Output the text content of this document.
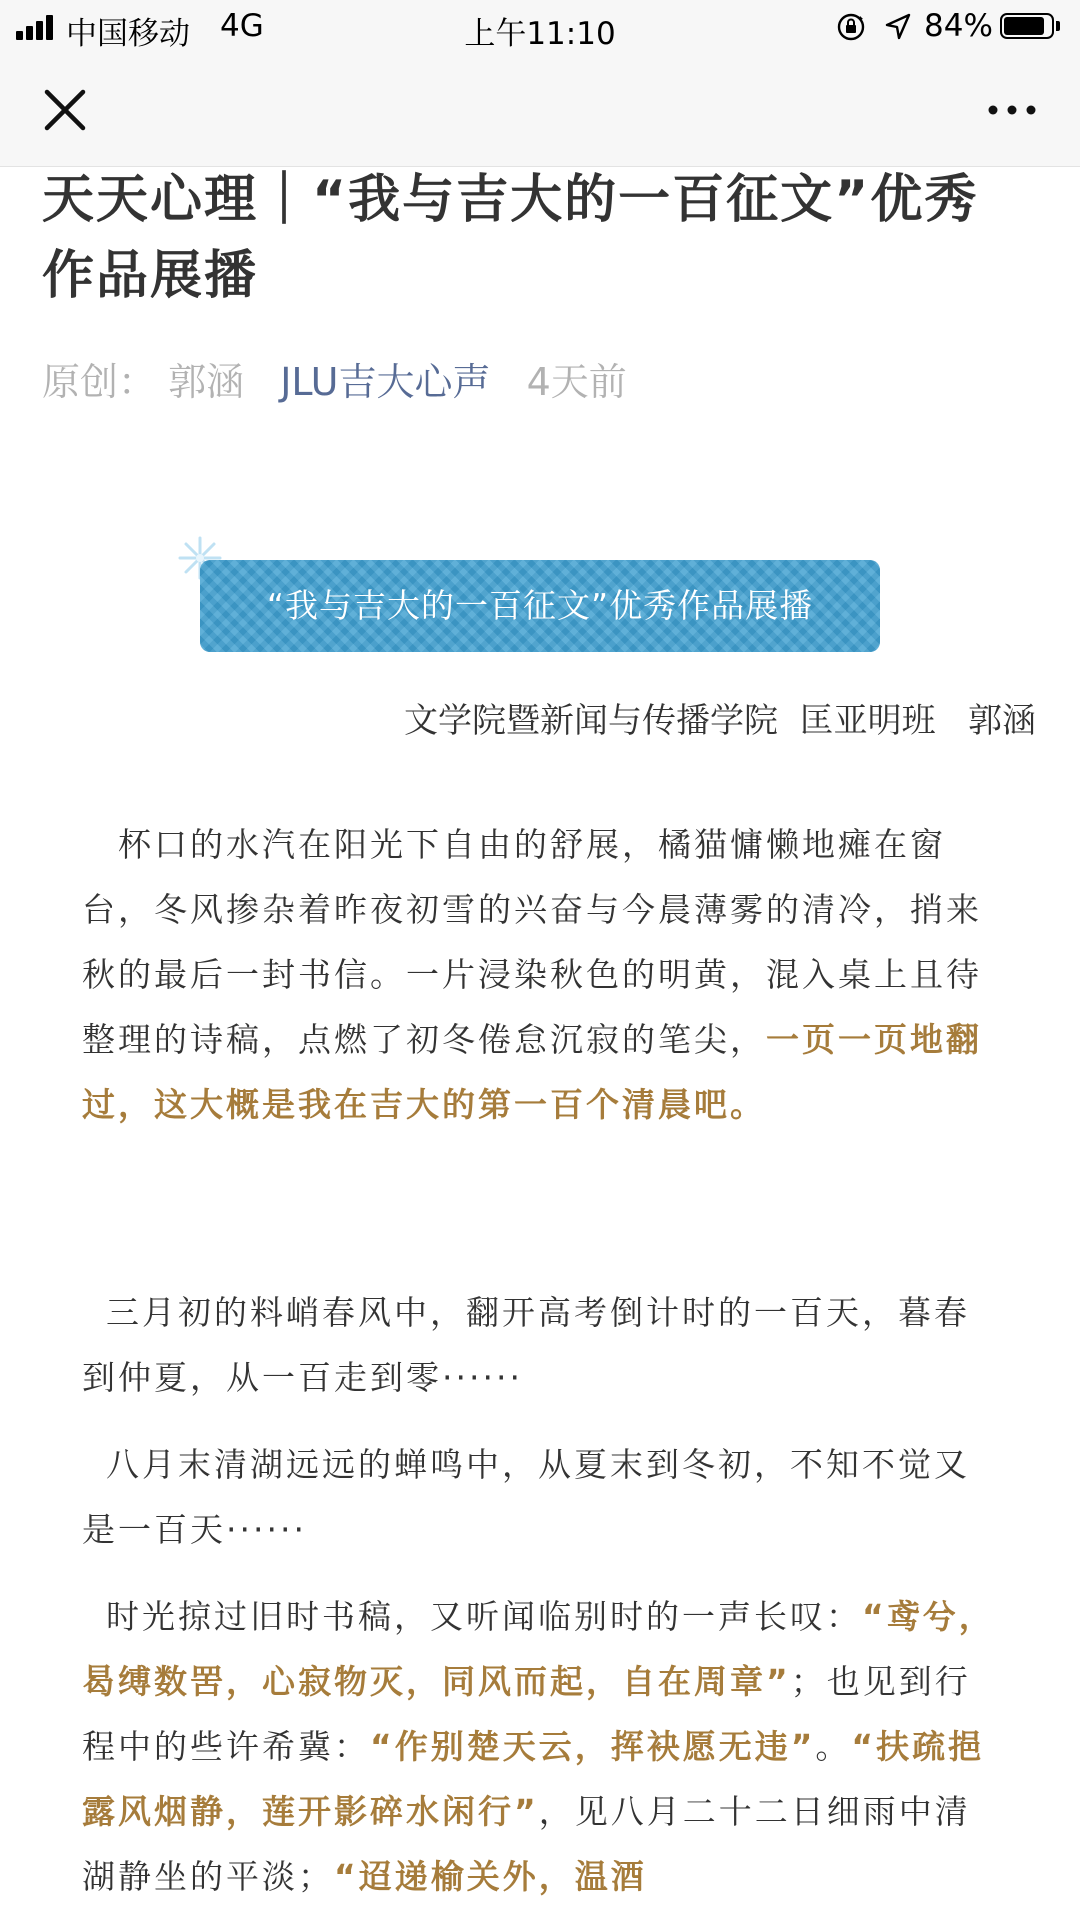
中国移动 4G	上午11:10	84%
天天心理｜“我与吉大的一百征文”优秀作品展播
原创： 郭涵 JLU吉大心声 4天前
“我与吉大的一百征文”优秀作品展播
文学院暨新闻与传播学院  匡亚明班   郭涵

杯口的水汽在阳光下自由的舒展，橘猫慵懒地瘫在窗台，冬风掺杂着昨夜初雪的兴奋与今晨薄雾的清冷，捎来秋的最后一封书信。一片浸染秋色的明黄，混入桌上且待整理的诗稿，点燃了初冬倦怠沉寂的笔尖，一页一页地翻过，这大概是我在吉大的第一百个清晨吧。

三月初的料峭春风中，翻开高考倒计时的一百天，暮春到仲夏，从一百走到零······

八月末清湖远远的蝉鸣中，从夏末到冬初，不知不觉又是一百天······

时光掠过旧时书稿，又听闻临别时的一声长叹：“鸢兮，曷缚数罟，心寂物灭，同风而起，自在周章”；也见到行程中的些许希冀：“作别楚天云，挥袂愿无违”。“扶疏挹露风烟静，莲开影碎水闲行”，见八月二十二日细雨中清湖静坐的平淡；“迢递榆关外，温酒
